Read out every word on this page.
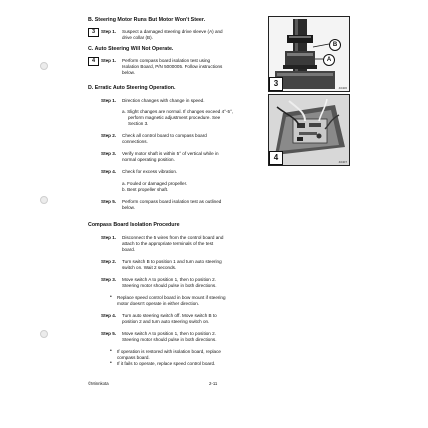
B. Steering Motor Runs But Motor Won't Steer.
3	Step 1. Suspect a damaged steering drive sleeve (A) and
drive collar (B).
C. Auto Steering Will Not Operate.
4	Step 1. Perform compass board isolation test using
Isolation Board, P/N 5000005. Follow instructions
below.
D. Erratic Auto Steering Operation.
Step 1. Direction changes with change in speed.
a. Slight changes are normal. If changes exceed 4°-5°,
perform magnetic adjustment procedure. See
Section 3.
Step 2. Check all control board to compass board
connections.
Step 3. Verify motor shaft is within 5° of vertical while in
normal operating position.
Step 4. Check for excess vibration.
a. Fouled or damaged propeller.
b. Bent propeller shaft.
Step 5. Perform compass board isolation test as outlined
below.
Compass Board Isolation Procedure
Step 1. Disconnect the 5 wires from the control board and
attach to the appropriate terminals of the test
board.
Step 2. Turn switch B to position 1 and turn auto steering
switch on. Wait 2 seconds.
Step 3. Move switch A to position 1, then to position 2.
Steering motor should pulse in both directions.
• Replace speed control board in bow mount if steering
motor doesn't operate in either direction.
Step 4. Turn auto steering switch off. Move switch B to
position 2 and turn auto steering switch on.
Step 5. Move switch A to position 1, then to position 2.
Steering motor should pulse in both directions.
• If operation is restored with isolation board, replace
compass board.
• If it fails to operate, replace speed control board.
©Minnkota	2-11
B
A
3	40406
4	40407
